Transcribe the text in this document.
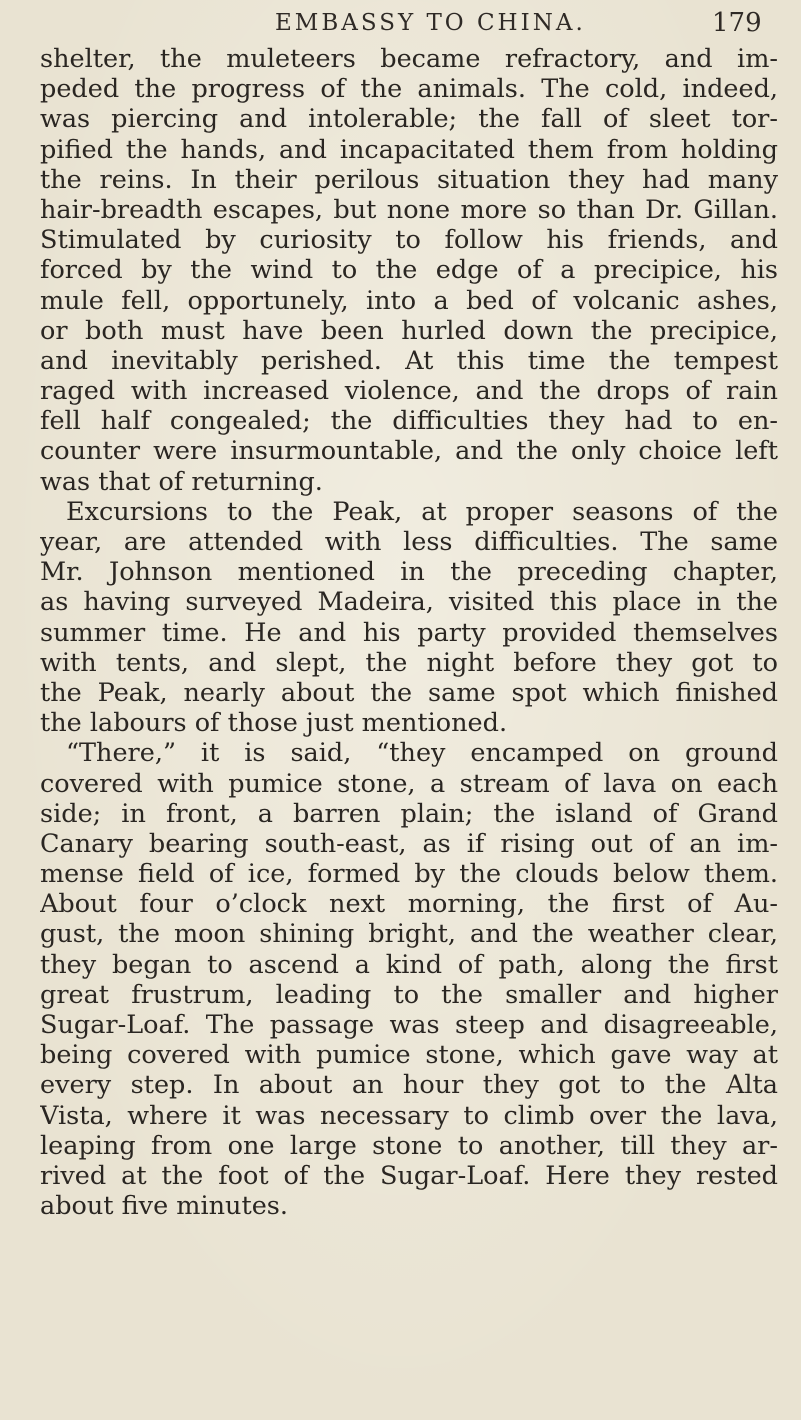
EMBASSY TO CHINA.	179
shelter, the muleteers became refractory, and im-
peded the progress of the animals. The cold, indeed,
was piercing and intolerable; the fall of sleet tor-
pified the hands, and incapacitated them from holding
the reins. In their perilous situation they had many
hair-breadth escapes, but none more so than Dr. Gillan.
Stimulated by curiosity to follow his friends, and
forced by the wind to the edge of a precipice, his
mule fell, opportunely, into a bed of volcanic ashes,
or both must have been hurled down the precipice,
and inevitably perished. At this time the tempest
raged with increased violence, and the drops of rain
fell half congealed; the difficulties they had to en-
counter were insurmountable, and the only choice left
was that of returning.
Excursions to the Peak, at proper seasons of the
year, are attended with less difficulties. The same
Mr. Johnson mentioned in the preceding chapter,
as having surveyed Madeira, visited this place in the
summer time. He and his party provided themselves
with tents, and slept, the night before they got to
the Peak, nearly about the same spot which finished
the labours of those just mentioned.
“There,” it is said, “they encamped on ground
covered with pumice stone, a stream of lava on each
side; in front, a barren plain; the island of Grand
Canary bearing south-east, as if rising out of an im-
mense field of ice, formed by the clouds below them.
About four o’clock next morning, the first of Au-
gust, the moon shining bright, and the weather clear,
they began to ascend a kind of path, along the first
great frustrum, leading to the smaller and higher
Sugar-Loaf. The passage was steep and disagreeable,
being covered with pumice stone, which gave way at
every step. In about an hour they got to the Alta
Vista, where it was necessary to climb over the lava,
leaping from one large stone to another, till they ar-
rived at the foot of the Sugar-Loaf. Here they rested
about five minutes.
